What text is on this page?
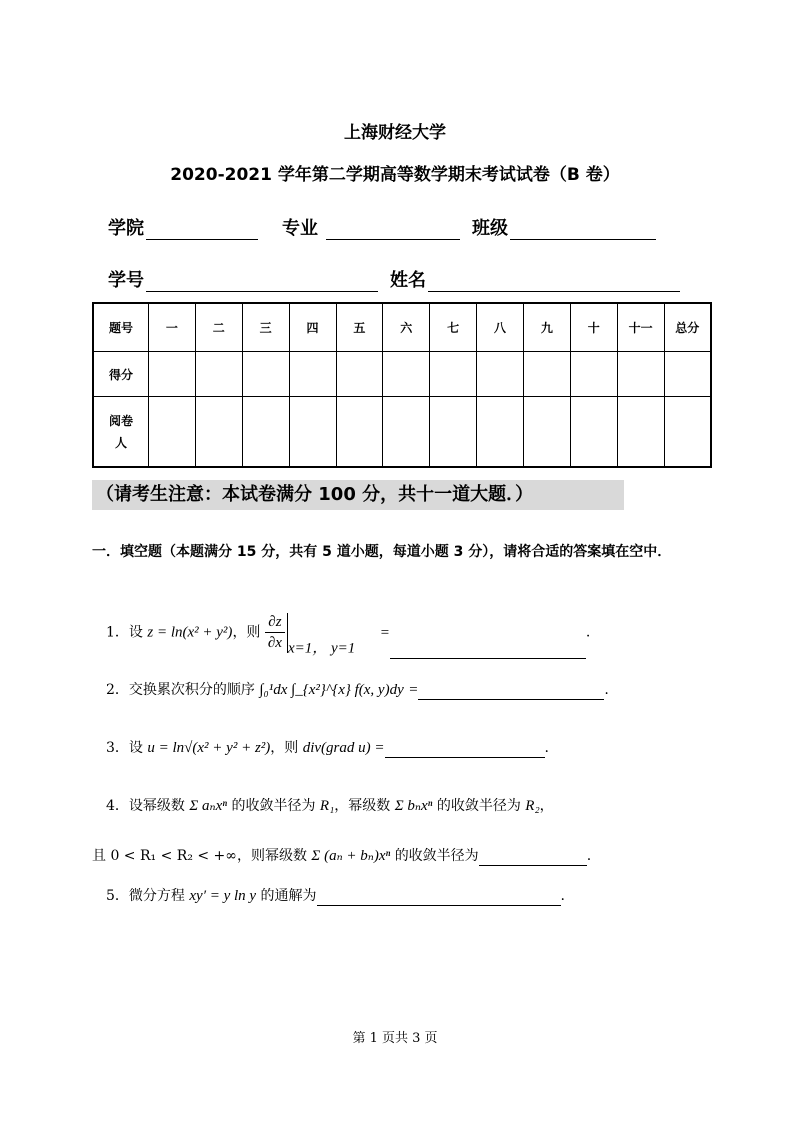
上海财经大学
2020-2021 学年第二学期高等数学期末考试试卷（B 卷）
学院	专业	班级
学号	姓名
题号	一	二	三	四	五	六	七	八	九	十	十一	总分
得分												
阅卷人												
（请考生注意：本试卷满分 100 分，共十一道大题．）
一．填空题（本题满分 15 分，共有 5 道小题，每道小题 3 分），请将合适的答案填在空中．
1．设 z = ln(x² + y²)，则 $\frac{\partial z}{\partial x} x=1$， y=1 =	.
2．交换累次积分的顺序 ∫₀¹dx ∫_{x²}^{x} f(x, y)dy =	.
3．设 u = ln√(x² + y² + z²)，则 div(grad u) =	.
4．设幂级数 Σ aₙxⁿ 的收敛半径为 R₁，幂级数 Σ bₙxⁿ 的收敛半径为 R₂，
且 0 < R₁ < R₂ < +∞，则幂级数 Σ (aₙ + bₙ)xⁿ 的收敛半径为	.
5．微分方程 xy′ = y ln y 的通解为	.
第 1 页共 3 页
